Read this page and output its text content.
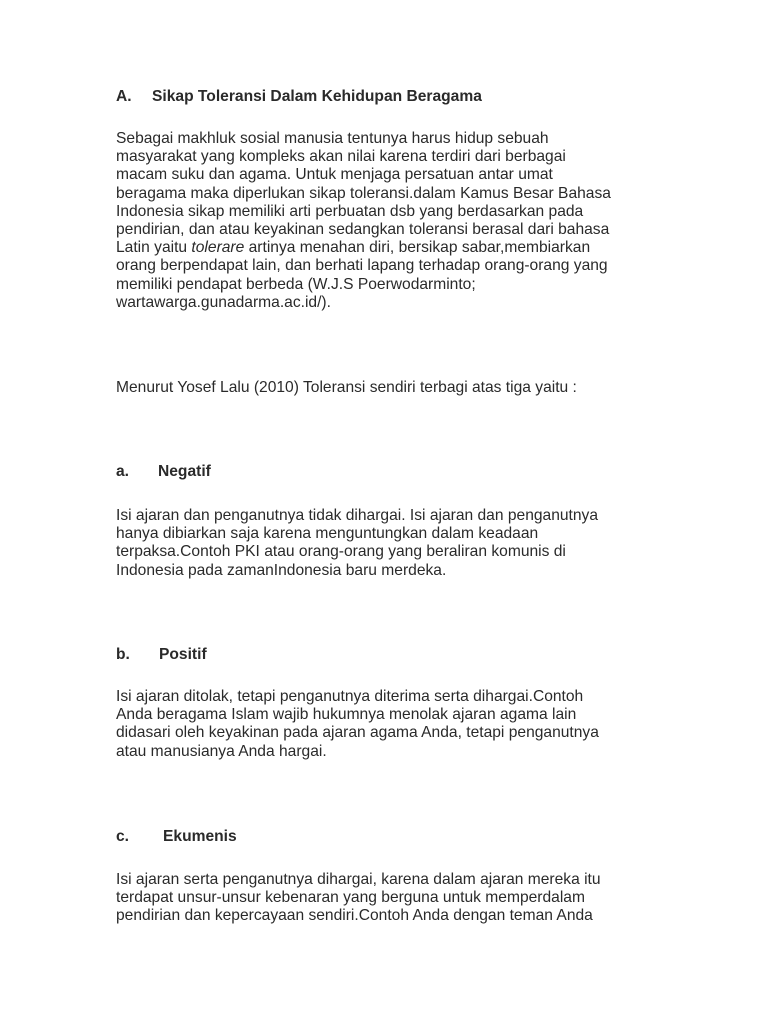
A. Sikap Toleransi Dalam Kehidupan Beragama

Sebagai makhluk sosial manusia tentunya harus hidup sebuah
masyarakat yang kompleks akan nilai karena terdiri dari berbagai
macam suku dan agama. Untuk menjaga persatuan antar umat
beragama maka diperlukan sikap toleransi.dalam Kamus Besar Bahasa
Indonesia sikap memiliki arti perbuatan dsb yang berdasarkan pada
pendirian, dan atau keyakinan sedangkan toleransi berasal dari bahasa
Latin yaitu tolerare artinya menahan diri, bersikap sabar,membiarkan
orang berpendapat lain, dan berhati lapang terhadap orang-orang yang
memiliki pendapat berbeda (W.J.S Poerwodarminto;
wartawarga.gunadarma.ac.id/).

Menurut Yosef Lalu (2010) Toleransi sendiri terbagi atas tiga yaitu :

a. Negatif

Isi ajaran dan penganutnya tidak dihargai. Isi ajaran dan penganutnya
hanya dibiarkan saja karena menguntungkan dalam keadaan
terpaksa.Contoh PKI atau orang-orang yang beraliran komunis di
Indonesia pada zamanIndonesia baru merdeka.

b. Positif

Isi ajaran ditolak, tetapi penganutnya diterima serta dihargai.Contoh
Anda beragama Islam wajib hukumnya menolak ajaran agama lain
didasari oleh keyakinan pada ajaran agama Anda, tetapi penganutnya
atau manusianya Anda hargai.

c. Ekumenis

Isi ajaran serta penganutnya dihargai, karena dalam ajaran mereka itu
terdapat unsur-unsur kebenaran yang berguna untuk memperdalam
pendirian dan kepercayaan sendiri.Contoh Anda dengan teman Anda
